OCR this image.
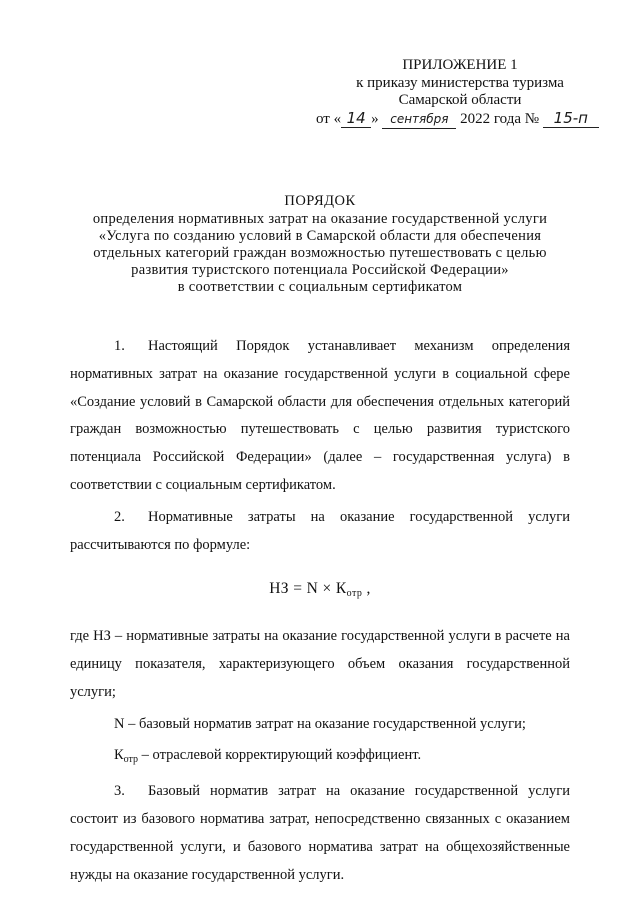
ПРИЛОЖЕНИЕ 1
к приказу министерства туризма
Самарской области
от « 14 » сентября 2022 года № 15-п
ПОРЯДОК
определения нормативных затрат на оказание государственной услуги
«Услуга по созданию условий в Самарской области для обеспечения
отдельных категорий граждан возможностью путешествовать с целью
развития туристского потенциала Российской Федерации»
в соответствии с социальным сертификатом

1. Настоящий Порядок устанавливает механизм определения нормативных затрат на оказание государственной услуги в социальной сфере «Создание условий в Самарской области для обеспечения отдельных категорий граждан возможностью путешествовать с целью развития туристского потенциала Российской Федерации» (далее – государственная услуга) в соответствии с социальным сертификатом.

2. Нормативные затраты на оказание государственной услуги рассчитываются по формуле:

НЗ = $N \times К_{отр}$ ,

где НЗ – нормативные затраты на оказание государственной услуги в расчете на единицу показателя, характеризующего объем оказания государственной услуги;

N – базовый норматив затрат на оказание государственной услуги;

$К_{отр}$ – отраслевой корректирующий коэффициент.

3. Базовый норматив затрат на оказание государственной услуги состоит из базового норматива затрат, непосредственно связанных с оказанием государственной услуги, и базового норматива затрат на общехозяйственные нужды на оказание государственной услуги.
